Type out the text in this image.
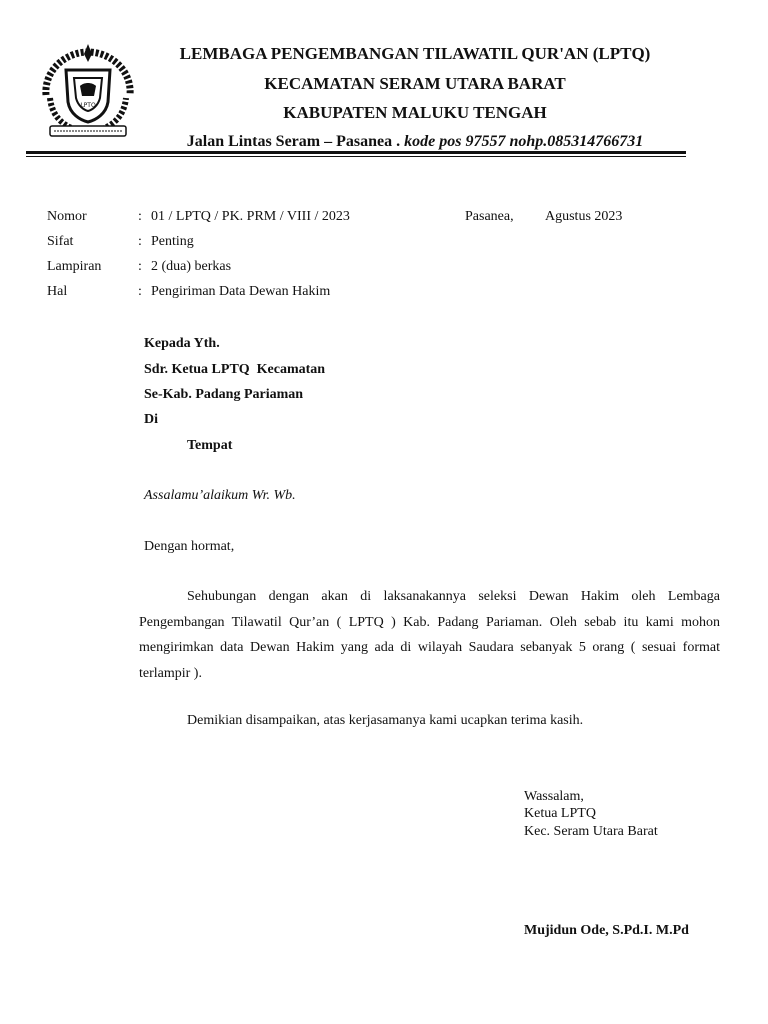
LPTQ
LEMBAGA PENGEMBANGAN TILAWATIL QUR'AN (LPTQ)
KECAMATAN SERAM UTARA BARAT
KABUPATEN MALUKU TENGAH
Jalan Lintas Seram – Pasanea . kode pos 97557 nohp.085314766731
Nomor	: 01 / LPTQ / PK. PRM / VIII / 2023	Pasanea, Agustus 2023
Sifat	: Penting
Lampiran	: 2 (dua) berkas
Hal	: Pengiriman Data Dewan Hakim
Kepada Yth.
Sdr. Ketua LPTQ  Kecamatan
Se-Kab. Padang Pariaman
Di
Tempat
Assalamu’alaikum Wr. Wb.
Dengan hormat,

Sehubungan dengan akan di laksanakannya seleksi Dewan Hakim oleh Lembaga Pengembangan Tilawatil Qur’an ( LPTQ ) Kab. Padang Pariaman. Oleh sebab itu kami mohon mengirimkan data Dewan Hakim yang ada di wilayah Saudara sebanyak 5 orang ( sesuai format terlampir ).

Demikian disampaikan, atas kerjasamanya kami ucapkan terima kasih.
Wassalam,
Ketua LPTQ
Kec. Seram Utara Barat
Mujidun Ode, S.Pd.I. M.Pd
